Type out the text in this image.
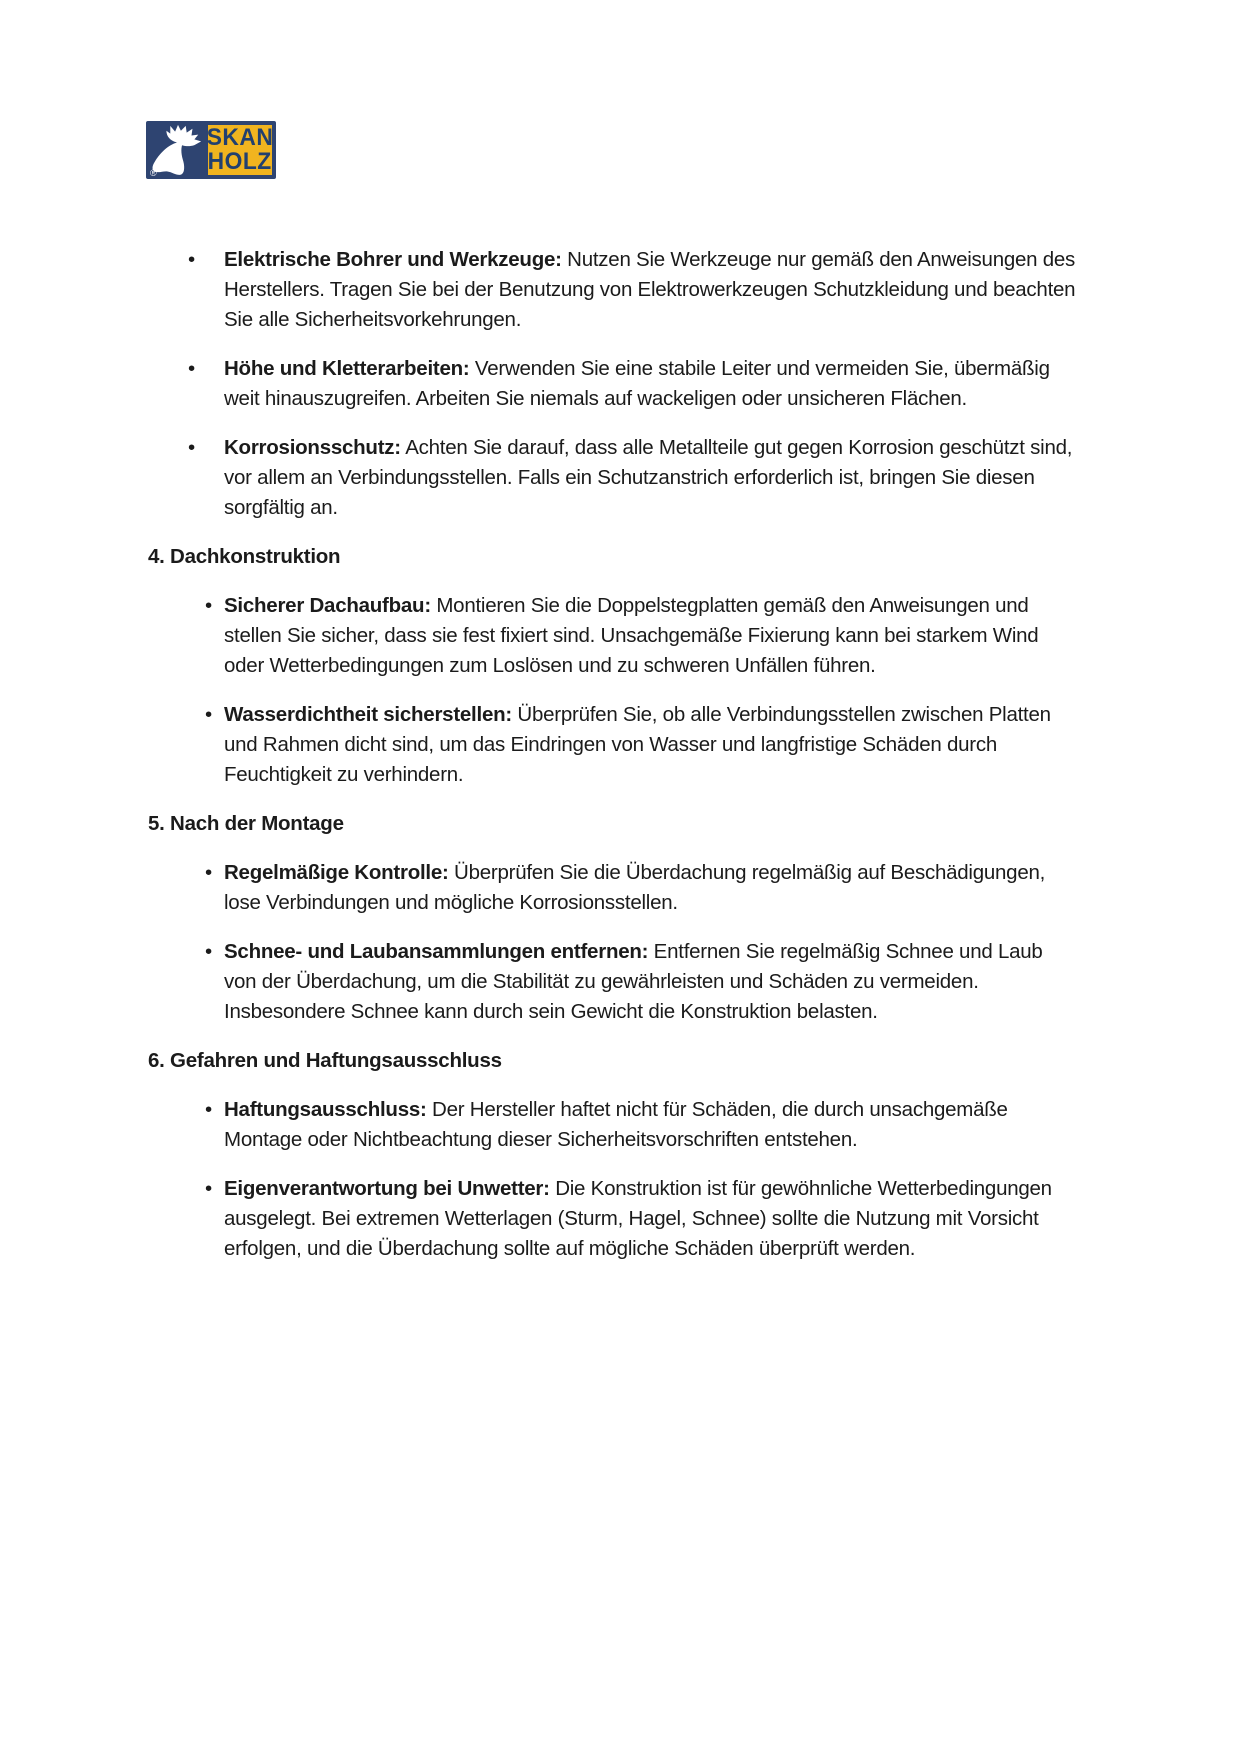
®
SKAN
HOLZ
• Elektrische Bohrer und Werkzeuge: Nutzen Sie Werkzeuge nur gemäß den Anweisungen des Herstellers. Tragen Sie bei der Benutzung von Elektrowerkzeugen Schutzkleidung und beachten Sie alle Sicherheitsvorkehrungen.
• Höhe und Kletterarbeiten: Verwenden Sie eine stabile Leiter und vermeiden Sie, übermäßig weit hinauszugreifen. Arbeiten Sie niemals auf wackeligen oder unsicheren Flächen.
• Korrosionsschutz: Achten Sie darauf, dass alle Metallteile gut gegen Korrosion geschützt sind, vor allem an Verbindungsstellen. Falls ein Schutzanstrich erforderlich ist, bringen Sie diesen sorgfältig an.

4. Dachkonstruktion

• Sicherer Dachaufbau: Montieren Sie die Doppelstegplatten gemäß den Anweisungen und stellen Sie sicher, dass sie fest fixiert sind. Unsachgemäße Fixierung kann bei starkem Wind oder Wetterbedingungen zum Loslösen und zu schweren Unfällen führen.
• Wasserdichtheit sicherstellen: Überprüfen Sie, ob alle Verbindungsstellen zwischen Platten und Rahmen dicht sind, um das Eindringen von Wasser und langfristige Schäden durch Feuchtigkeit zu verhindern.

5. Nach der Montage

• Regelmäßige Kontrolle: Überprüfen Sie die Überdachung regelmäßig auf Beschädigungen, lose Verbindungen und mögliche Korrosionsstellen.
• Schnee- und Laubansammlungen entfernen: Entfernen Sie regelmäßig Schnee und Laub von der Überdachung, um die Stabilität zu gewährleisten und Schäden zu vermeiden. Insbesondere Schnee kann durch sein Gewicht die Konstruktion belasten.

6. Gefahren und Haftungsausschluss

• Haftungsausschluss: Der Hersteller haftet nicht für Schäden, die durch unsachgemäße Montage oder Nichtbeachtung dieser Sicherheitsvorschriften entstehen.
• Eigenverantwortung bei Unwetter: Die Konstruktion ist für gewöhnliche Wetterbedingungen ausgelegt. Bei extremen Wetterlagen (Sturm, Hagel, Schnee) sollte die Nutzung mit Vorsicht erfolgen, und die Überdachung sollte auf mögliche Schäden überprüft werden.
